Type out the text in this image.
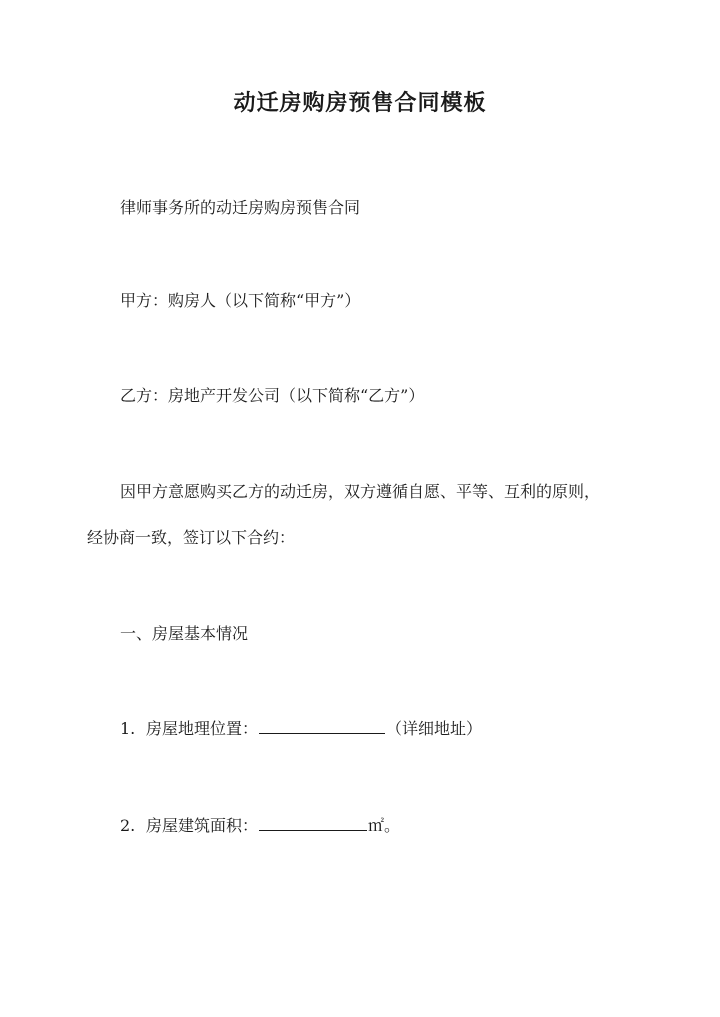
动迁房购房预售合同模板
律师事务所的动迁房购房预售合同
甲方：购房人（以下简称“甲方”）
乙方：房地产开发公司（以下简称“乙方”）
因甲方意愿购买乙方的动迁房，双方遵循自愿、平等、互利的原则，
经协商一致，签订以下合约：
一、房屋基本情况
1. 房屋地理位置：	（详细地址）
2. 房屋建筑面积：	㎡。
